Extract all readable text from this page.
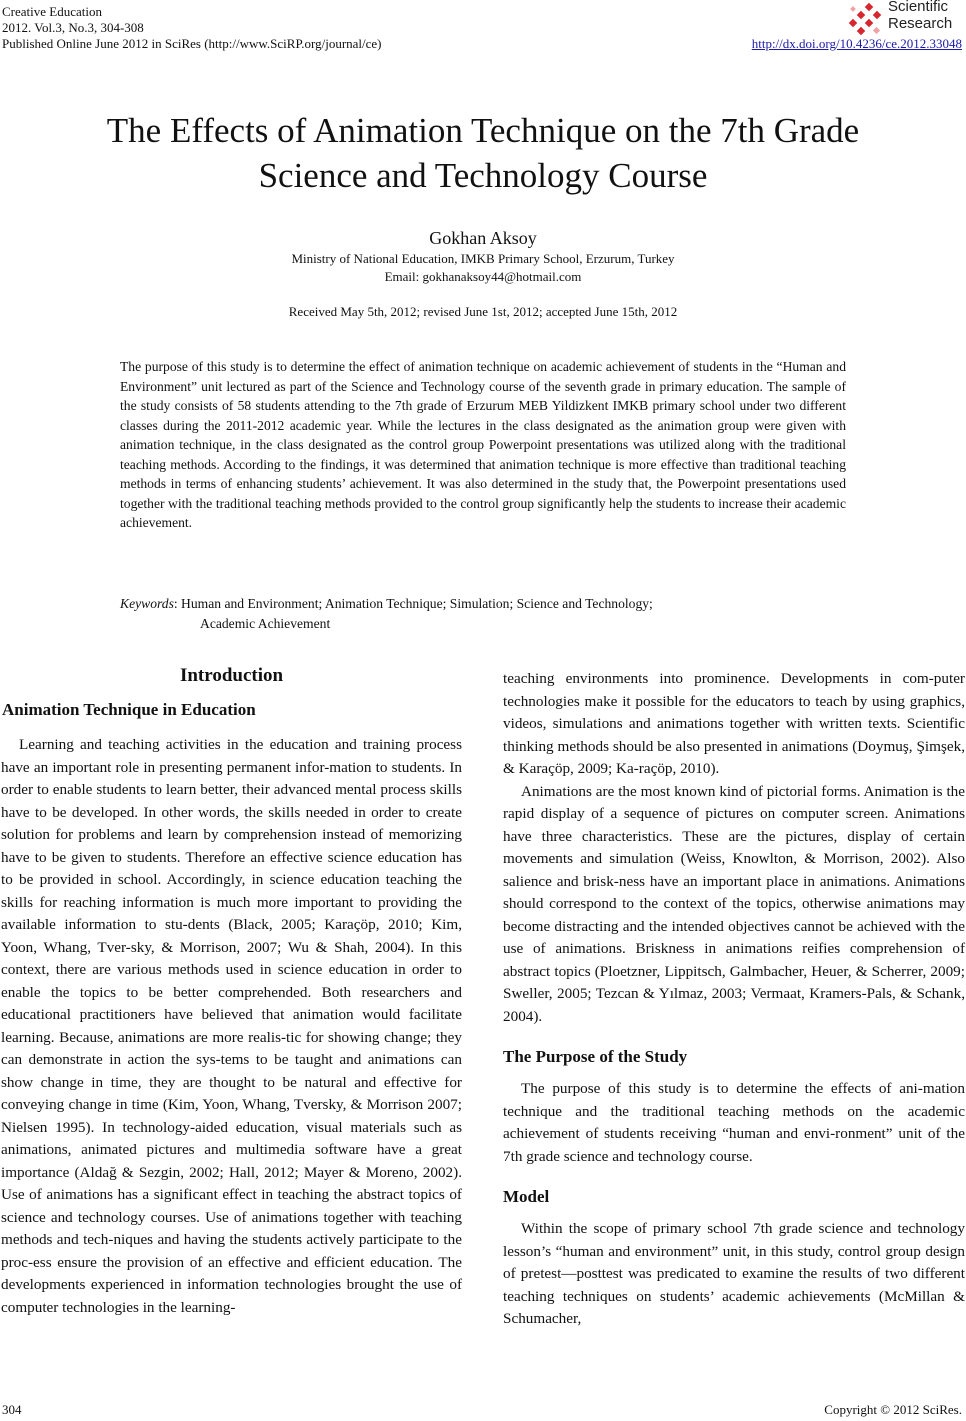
Creative Education
2012. Vol.3, No.3, 304-308
Published Online June 2012 in SciRes (http://www.SciRP.org/journal/ce)	http://dx.doi.org/10.4236/ce.2012.33048
Scientific
Research
The Effects of Animation Technique on the 7th Grade
Science and Technology Course
Gokhan Aksoy
Ministry of National Education, IMKB Primary School, Erzurum, Turkey
Email: gokhanaksoy44@hotmail.com
Received May 5th, 2012; revised June 1st, 2012; accepted June 15th, 2012
The purpose of this study is to determine the effect of animation technique on academic achievement of students in the “Human and Environment” unit lectured as part of the Science and Technology course of the seventh grade in primary education. The sample of the study consists of 58 students attending to the 7th grade of Erzurum MEB Yildizkent IMKB primary school under two different classes during the 2011-2012 academic year. While the lectures in the class designated as the animation group were given with animation technique, in the class designated as the control group Powerpoint presentations was utilized along with the traditional teaching methods. According to the findings, it was determined that animation technique is more effective than traditional teaching methods in terms of enhancing students’ achievement. It was also determined in the study that, the Powerpoint presentations used together with the traditional teaching methods provided to the control group significantly help the students to increase their academic achievement.
Keywords : Human and Environment; Animation Technique; Simulation; Science and Technology;
Academic Achievement
Introduction
Animation Technique in Education

Learning and teaching activities in the education and training process have an important role in presenting permanent infor-mation to students. In order to enable students to learn better, their advanced mental process skills have to be developed. In other words, the skills needed in order to create solution for problems and learn by comprehension instead of memorizing have to be given to students. Therefore an effective science education has to be provided in school. Accordingly, in science education teaching the skills for reaching information is much more important to providing the available information to stu-dents (Black, 2005; Karaçöp, 2010; Kim, Yoon, Whang, Tver-sky, & Morrison, 2007; Wu & Shah, 2004). In this context, there are various methods used in science education in order to enable the topics to be better comprehended. Both researchers and educational practitioners have believed that animation would facilitate learning. Because, animations are more realis-tic for showing change; they can demonstrate in action the sys-tems to be taught and animations can show change in time, they are thought to be natural and effective for conveying change in time (Kim, Yoon, Whang, Tversky, & Morrison 2007; Nielsen 1995). In technology-aided education, visual materials such as animations, animated pictures and multimedia software have a great importance (Aldağ & Sezgin, 2002; Hall, 2012; Mayer & Moreno, 2002). Use of animations has a significant effect in teaching the abstract topics of science and technology courses. Use of animations together with teaching methods and tech-niques and having the students actively participate to the proc-ess ensure the provision of an effective and efficient education. The developments experienced in information technologies brought the use of computer technologies in the learning-

teaching environments into prominence. Developments in com-puter technologies make it possible for the educators to teach by using graphics, videos, simulations and animations together with written texts. Scientific thinking methods should be also presented in animations (Doymuş, Şimşek, & Karaçöp, 2009; Ka-raçöp, 2010).

Animations are the most known kind of pictorial forms. Animation is the rapid display of a sequence of pictures on computer screen. Animations have three characteristics. These are the pictures, display of certain movements and simulation (Weiss, Knowlton, & Morrison, 2002). Also salience and brisk-ness have an important place in animations. Animations should correspond to the context of the topics, otherwise animations may become distracting and the intended objectives cannot be achieved with the use of animations. Briskness in animations reifies comprehension of abstract topics (Ploetzner, Lippitsch, Galmbacher, Heuer, & Scherrer, 2009; Sweller, 2005; Tezcan & Yılmaz, 2003; Vermaat, Kramers-Pals, & Schank, 2004).

The Purpose of the Study

The purpose of this study is to determine the effects of ani-mation technique and the traditional teaching methods on the academic achievement of students receiving “human and envi-ronment” unit of the 7th grade science and technology course.

Model

Within the scope of primary school 7th grade science and technology lesson’s “human and environment” unit, in this study, control group design of pretest—posttest was predicated to examine the results of two different teaching techniques on students’ academic achievements (McMillan & Schumacher,

304	Copyright © 2012 SciRes.
